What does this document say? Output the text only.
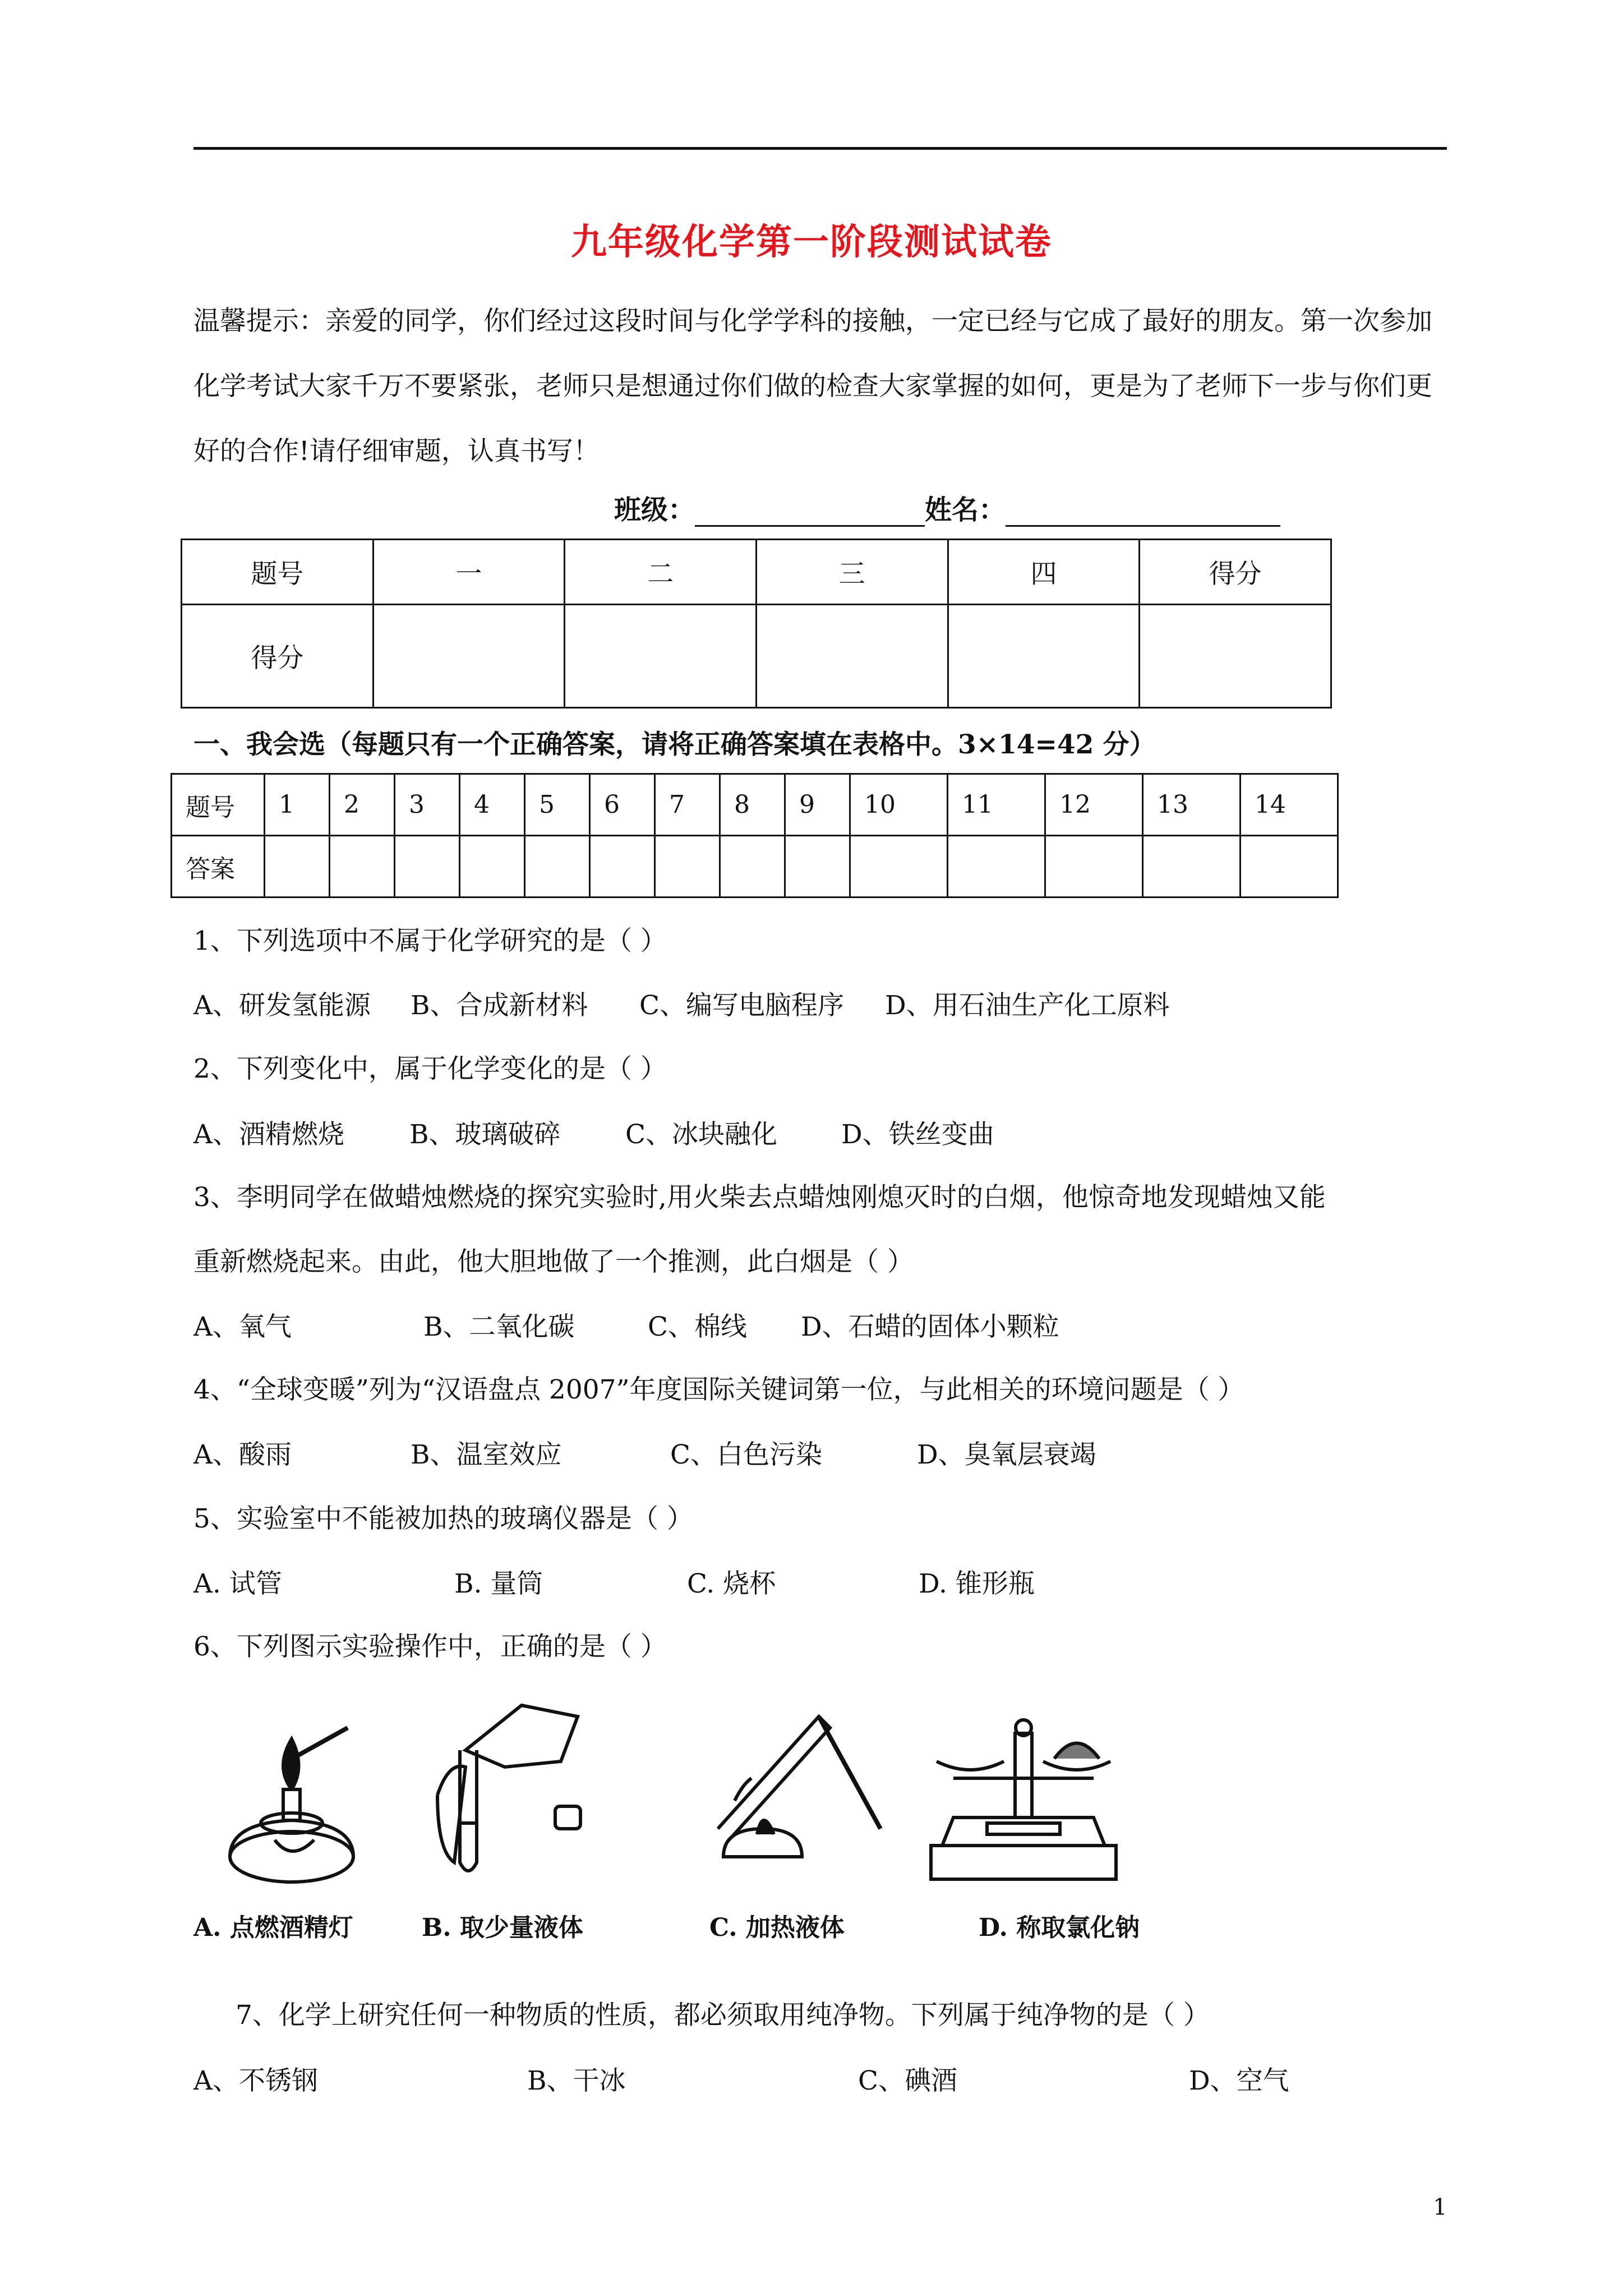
九年级化学第一阶段测试试卷
温馨提示：亲爱的同学，你们经过这段时间与化学学科的接触，一定已经与它成了最好的朋友。第一次参加化学考试大家千万不要紧张，老师只是想通过你们做的检查大家掌握的如何，更是为了老师下一步与你们更好的合作!请仔细审题，认真书写！
班级：	姓名：
题号	一	二	三	四	得分
得分					
一、我会选（每题只有一个正确答案，请将正确答案填在表格中。3×14=42 分）
题号	1	2	3	4	5	6	7	8	9	10	11	12	13	14
答案														
1、下列选项中不属于化学研究的是（ ）
A、研发氢能源 B、合成新材料 C、编写电脑程序 D、用石油生产化工原料
2、下列变化中，属于化学变化的是（ ）
A、酒精燃烧 B、玻璃破碎 C、冰块融化 D、铁丝变曲
3、李明同学在做蜡烛燃烧的探究实验时,用火柴去点蜡烛刚熄灭时的白烟，他惊奇地发现蜡烛又能
重新燃烧起来。由此，他大胆地做了一个推测，此白烟是（ ）
A、氧气	B、二氧化碳	C、棉线 D、石蜡的固体小颗粒
4、“全球变暖”列为“汉语盘点 2007”年度国际关键词第一位，与此相关的环境问题是（ ）
A、酸雨	B、温室效应	C、白色污染	D、臭氧层衰竭
5、实验室中不能被加热的玻璃仪器是（ ）
A. 试管	B. 量筒	C. 烧杯	D. 锥形瓶
6、下列图示实验操作中，正确的是（ ）
A. 点燃酒精灯	B. 取少量液体	C. 加热液体	D. 称取氯化钠
7、化学上研究任何一种物质的性质，都必须取用纯净物。下列属于纯净物的是（ ）
A、不锈钢	B、干冰	C、碘酒	D、空气
1
